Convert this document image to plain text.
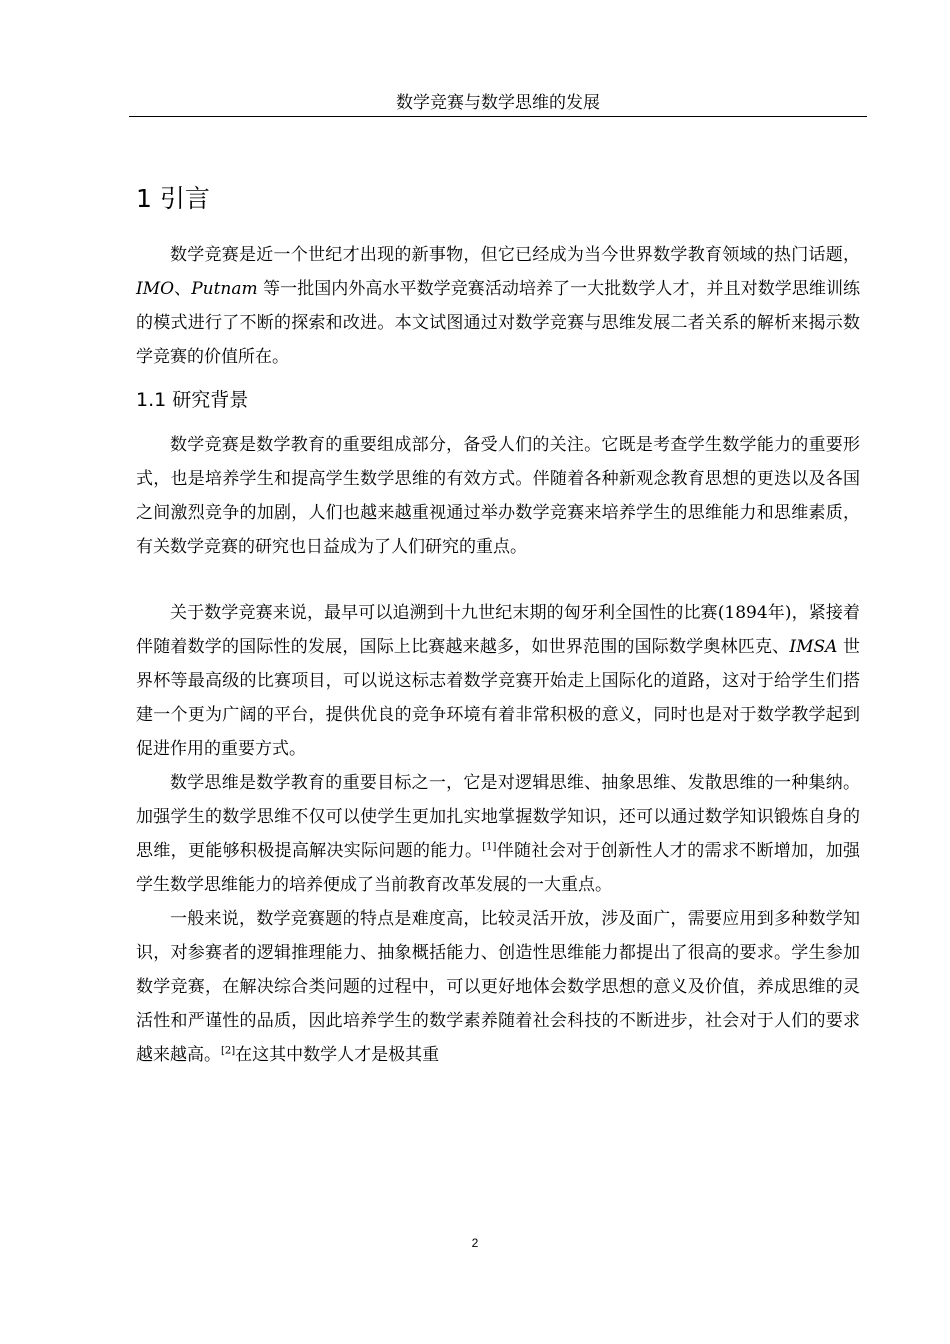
数学竞赛与数学思维的发展
1 引言

数学竞赛是近一个世纪才出现的新事物，但它已经成为当今世界数学教育领域的热门话题，IMO、Putnam 等一批国内外高水平数学竞赛活动培养了一大批数学人才，并且对数学思维训练的模式进行了不断的探索和改进。本文试图通过对数学竞赛与思维发展二者关系的解析来揭示数学竞赛的价值所在。

1.1 研究背景

数学竞赛是数学教育的重要组成部分，备受人们的关注。它既是考查学生数学能力的重要形式，也是培养学生和提高学生数学思维的有效方式。伴随着各种新观念教育思想的更迭以及各国之间激烈竞争的加剧，人们也越来越重视通过举办数学竞赛来培养学生的思维能力和思维素质，有关数学竞赛的研究也日益成为了人们研究的重点。

关于数学竞赛来说，最早可以追溯到十九世纪末期的匈牙利全国性的比赛(1894年)，紧接着伴随着数学的国际性的发展，国际上比赛越来越多，如世界范围的国际数学奥林匹克、IMSA 世界杯等最高级的比赛项目，可以说这标志着数学竞赛开始走上国际化的道路，这对于给学生们搭建一个更为广阔的平台，提供优良的竞争环境有着非常积极的意义，同时也是对于数学教学起到促进作用的重要方式。

数学思维是数学教育的重要目标之一，它是对逻辑思维、抽象思维、发散思维的一种集纳。加强学生的数学思维不仅可以使学生更加扎实地掌握数学知识，还可以通过数学知识锻炼自身的思维，更能够积极提高解决实际问题的能力。[1]伴随社会对于创新性人才的需求不断增加，加强学生数学思维能力的培养便成了当前教育改革发展的一大重点。

一般来说，数学竞赛题的特点是难度高，比较灵活开放，涉及面广，需要应用到多种数学知识，对参赛者的逻辑推理能力、抽象概括能力、创造性思维能力都提出了很高的要求。学生参加数学竞赛，在解决综合类问题的过程中，可以更好地体会数学思想的意义及价值，养成思维的灵活性和严谨性的品质，因此培养学生的数学素养随着社会科技的不断进步，社会对于人们的要求越来越高。[2]在这其中数学人才是极其重

2
